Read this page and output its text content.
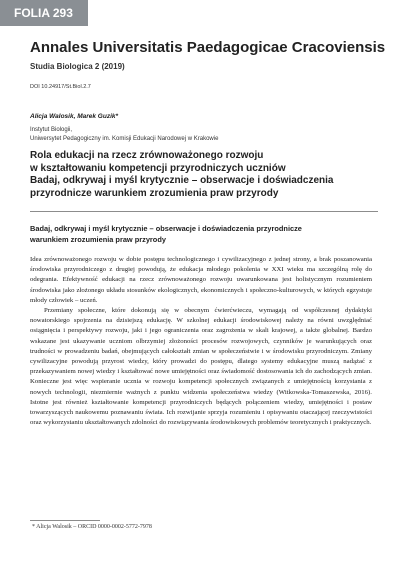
FOLIA 293
Annales Universitatis Paedagogicae Cracoviensis
Studia Biologica 2 (2019)
DOI 10.24917/St.Biol.2.7
Alicja Walosik, Marek Guzik*
Instytut Biologii,
Uniwersytet Pedagogiczny im. Komisji Edukacji Narodowej w Krakowie
Rola edukacji na rzecz zrównoważonego rozwoju
w kształtowaniu kompetencji przyrodniczych uczniów
Badaj, odkrywaj i myśl krytycznie – obserwacje i doświadczenia
przyrodnicze warunkiem zrozumienia praw przyrody
Badaj, odkrywaj i myśl krytycznie – obserwacje i doświadczenia przyrodnicze
warunkiem zrozumienia praw przyrody

Idea zrównoważonego rozwoju w dobie postępu technologicznego i cywilizacyjnego z jednej strony, a brak poszanowania środowiska przyrodniczego z drugiej powodują, że edukacja młodego pokolenia w XXI wieku ma szczególną rolę do odegrania. Efektywność edukacji na rzecz zrównoważonego rozwoju uwarunkowana jest holistycznym rozumieniem środowiska jako złożonego układu stosunków ekologicznych, ekonomicznych i społeczno-kulturowych, w których egzystuje młody człowiek – uczeń.

Przemiany społeczne, które dokonują się w obecnym ćwierćwieczu, wymagają od współczesnej dydaktyki nowatorskiego spojrzenia na dzisiejszą edukację. W szkolnej edukacji środowiskowej należy na równi uwzględniać osiągnięcia i perspektywy rozwoju, jaki i jego ograniczenia oraz zagrożenia w skali krajowej, a także globalnej. Bardzo wskazane jest ukazywanie uczniom olbrzymiej złożoności procesów rozwojowych, czynników je warunkujących oraz trudności w prowadzeniu badań, obejmujących całokształt zmian w społeczeństwie i w środowisku przyrodniczym. Zmiany cywilizacyjne powodują przyrost wiedzy, który prowadzi do postępu, dlatego systemy edukacyjne muszą nadążać z przekazywaniem nowej wiedzy i kształtować nowe umiejętności oraz świadomość dostosowania ich do zachodzących zmian. Konieczne jest więc wspieranie ucznia w rozwoju kompetencji społecznych związanych z umiejętnością korzystania z nowych technologii, niezmiernie ważnych z punktu widzenia społeczeństwa wiedzy (Witkowska-Tomaszewska, 2016). Istotne jest również kształtowanie kompetencji przyrodniczych będących połączeniem wiedzy, umiejętności i postaw towarzyszących naukowemu poznawaniu świata. Ich rozwijanie sprzyja rozumieniu i opisywaniu otaczającej rzeczywistości oraz wykorzystaniu ukształtowanych zdolności do rozwiązywania środowiskowych problemów teoretycznych i praktycznych.

* Alicja Walosik – ORCID 0000-0002-5772-7978
